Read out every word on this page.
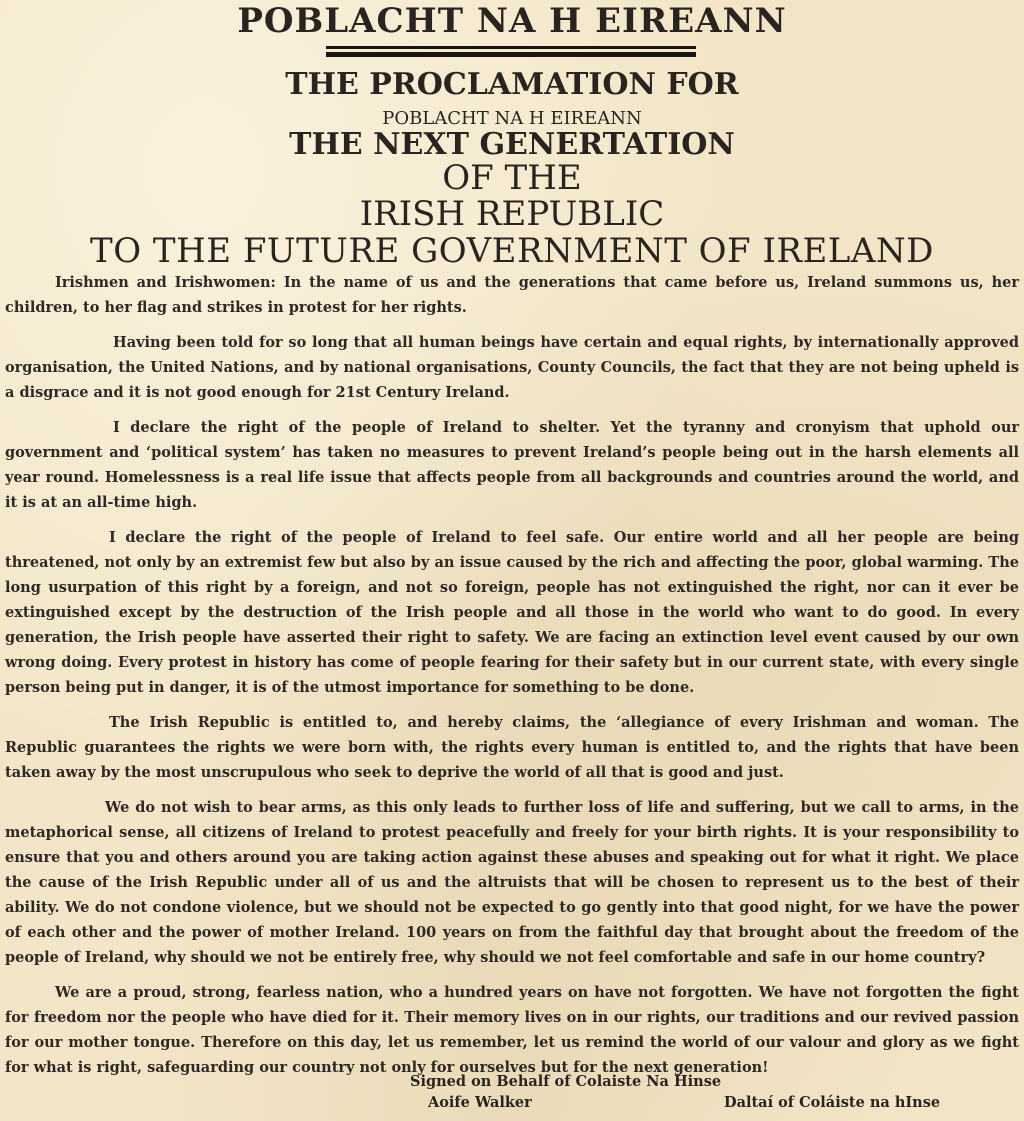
POBLACHT NA H EIREANN
THE PROCLAMATION FOR
POBLACHT NA H EIREANN
THE NEXT GENERTATION
OF THE
IRISH REPUBLIC
TO THE FUTURE GOVERNMENT OF IRELAND

Irishmen and Irishwomen: In the name of us and the generations that came before us, Ireland summons us, her children, to her flag and strikes in protest for her rights.

Having been told for so long that all human beings have certain and equal rights, by internationally approved organisation, the United Nations, and by national organisations, County Councils, the fact that they are not being upheld is a disgrace and it is not good enough for 21st Century Ireland.

I declare the right of the people of Ireland to shelter. Yet the tyranny and cronyism that uphold our government and ‘political system’ has taken no measures to prevent Ireland’s people being out in the harsh elements all year round. Homelessness is a real life issue that affects people from all backgrounds and countries around the world, and it is at an all-time high.

I declare the right of the people of Ireland to feel safe. Our entire world and all her people are being threatened, not only by an extremist few but also by an issue caused by the rich and affecting the poor, global warming. The long usurpation of this right by a foreign, and not so foreign, people has not extinguished the right, nor can it ever be extinguished except by the destruction of the Irish people and all those in the world who want to do good. In every generation, the Irish people have asserted their right to safety. We are facing an extinction level event caused by our own wrong doing. Every protest in history has come of people fearing for their safety but in our current state, with every single person being put in danger, it is of the utmost importance for something to be done.

The Irish Republic is entitled to, and hereby claims, the ‘allegiance of every Irishman and woman. The Republic guarantees the rights we were born with, the rights every human is entitled to, and the rights that have been taken away by the most unscrupulous who seek to deprive the world of all that is good and just.

We do not wish to bear arms, as this only leads to further loss of life and suffering, but we call to arms, in the metaphorical sense, all citizens of Ireland to protest peacefully and freely for your birth rights. It is your responsibility to ensure that you and others around you are taking action against these abuses and speaking out for what it right. We place the cause of the Irish Republic under all of us and the altruists that will be chosen to represent us to the best of their ability. We do not condone violence, but we should not be expected to go gently into that good night, for we have the power of each other and the power of mother Ireland. 100 years on from the faithful day that brought about the freedom of the people of Ireland, why should we not be entirely free, why should we not feel comfortable and safe in our home country?

We are a proud, strong, fearless nation, who a hundred years on have not forgotten. We have not forgotten the fight for freedom nor the people who have died for it. Their memory lives on in our rights, our traditions and our revived passion for our mother tongue. Therefore on this day, let us remember, let us remind the world of our valour and glory as we fight for what is right, safeguarding our country not only for ourselves but for the next generation!

Signed on Behalf of Colaiste Na Hinse
Aoife Walker	Daltaí of Coláiste na hInse
